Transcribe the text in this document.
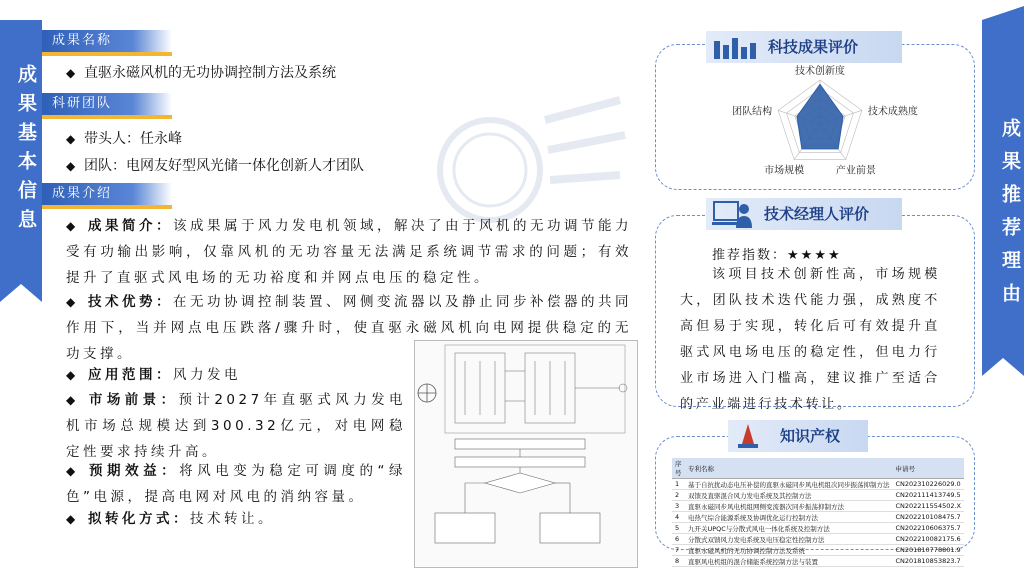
成果基本信息	成果推荐理由
成果名称
◆ 直驱永磁风机的无功协调控制方法及系统
科研团队
◆ 带头人：任永峰
◆ 团队：电网友好型风光储一体化创新人才团队
成果介绍
◆ 成果简介：该成果属于风力发电机领域，解决了由于风机的无功调节能力受有功输出影响，仅靠风机的无功容量无法满足系统调节需求的问题；有效提升了直驱式风电场的无功裕度和并网点电压的稳定性。
◆ 技术优势：在无功协调控制装置、网侧变流器以及静止同步补偿器的共同作用下，当并网点电压跌落/骤升时，使直驱永磁风机向电网提供稳定的无功支撑。
◆ 应用范围：风力发电
◆ 市场前景：预计2027年直驱式风力发电机市场总规模达到300.32亿元，对电网稳定性要求持续升高。
◆ 预期效益：将风电变为稳定可调度的“绿色”电源，提高电网对风电的消纳容量。
◆ 拟转化方式：技术转让。
科技成果评价
技术创新度
技术成熟度
产业前景
市场规模
团队结构
技术经理人评价
推荐指数：★★★★
该项目技术创新性高，市场规模大，团队技术迭代能力强，成熟度不高但易于实现，转化后可有效提升直驱式风电场电压的稳定性，但电力行业市场进入门槛高，建议推广至适合的产业端进行技术转让。
知识产权
序号	专利名称	申请号
1	基于自抗扰动态电压补偿的直驱永磁同步风电机组次同步振荡抑制方法	CN202310226029.0
2	双馈及直驱混合风力发电系统及其控制方法	CN202111413749.5
3	直驱永磁同步风电机组网侧变流器次同步振荡抑制方法	CN202211554502.X
4	电热气综合能源系统及协调优化运行控制方法	CN202210108475.7
5	九开关UPQC与分散式风电一体化系统及控制方法	CN202210606375.7
6	分散式双馈风力发电系统及电压稳定性控制方法	CN202210082175.6
7	直驱永磁风机的无功协调控制方法及系统	CN201810778801.9
8	直驱风电机组的混合储能系统控制方法与装置	CN201810853823.7
